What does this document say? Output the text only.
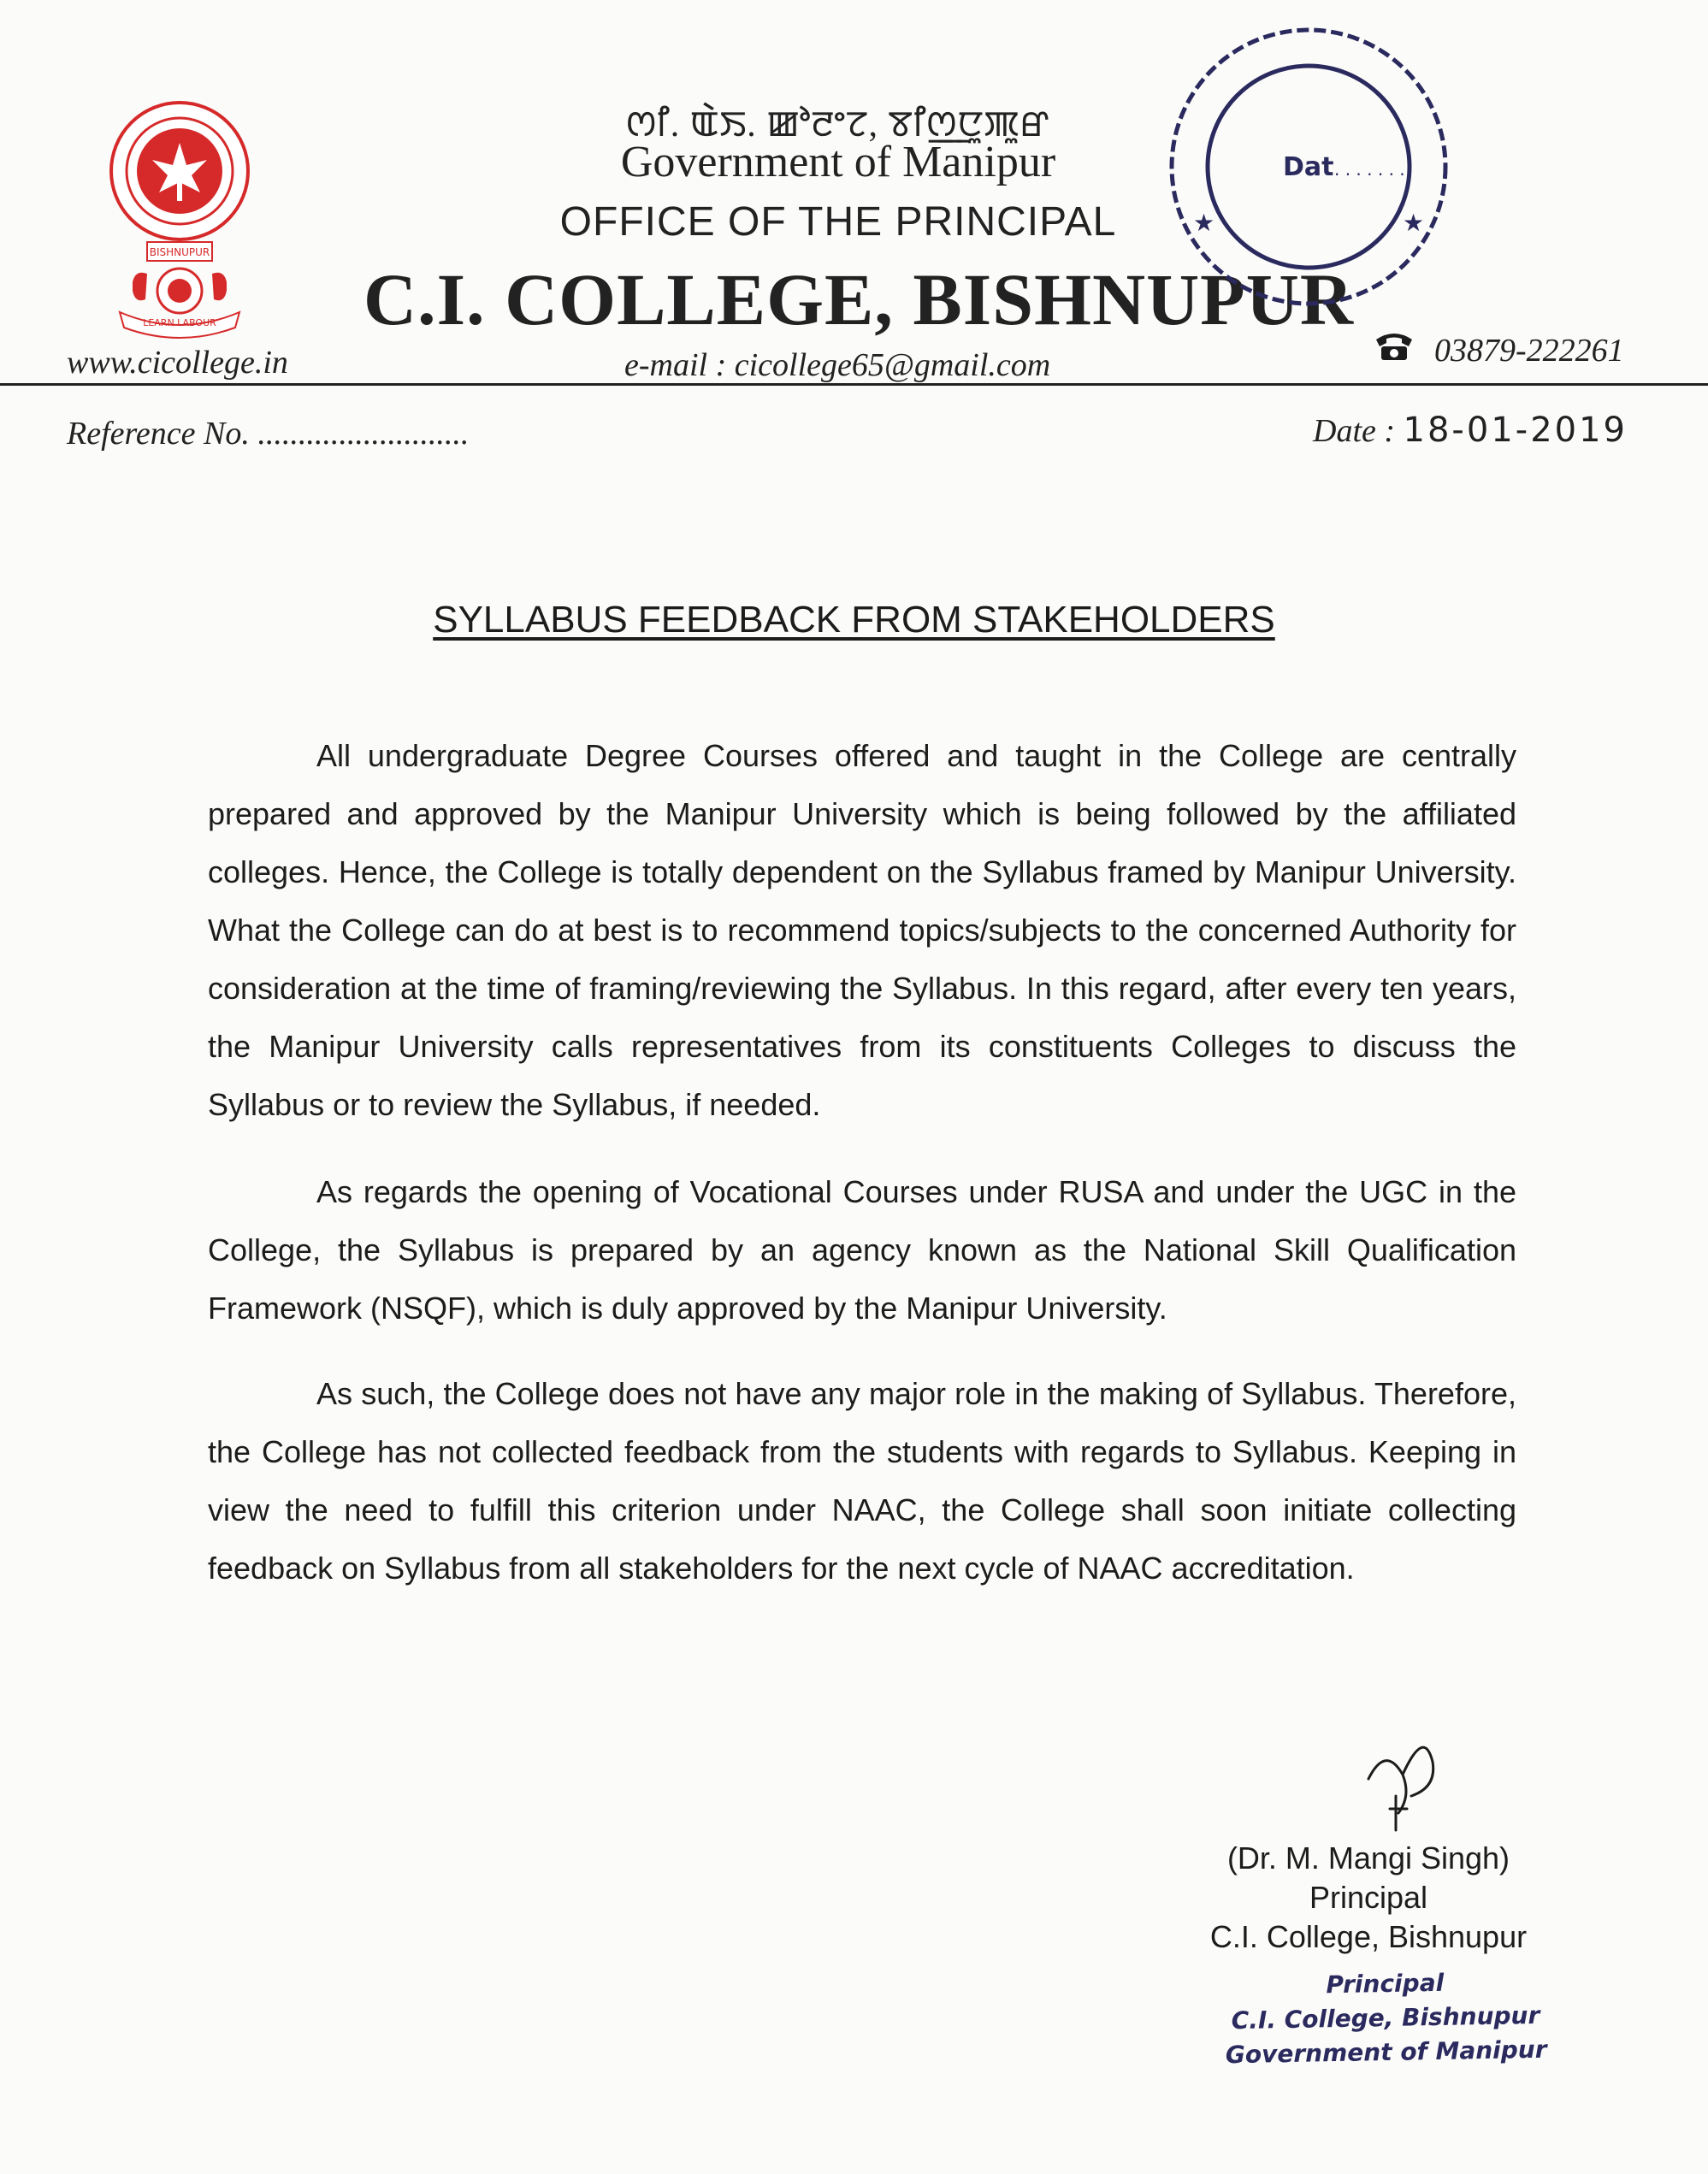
BISHNUPUR
LEARN LABOUR
ꯁꯤ. ꯑꯥꯏ. ꯀꯣꯂꯦꯖ, ꯕꯤꯁ꯭ꯅꯨꯄꯨꯔ
Government of Manipur
OFFICE OF THE PRINCIPAL
C.I. COLLEGE, BISHNUPUR
Dat . . . . . . .
★	★
www.cicollege.in	e-mail : cicollege65@gmail.com	03879-222261
Reference No. ..........................	Date : 18-01-2019
SYLLABUS FEEDBACK FROM STAKEHOLDERS

All undergraduate Degree Courses offered and taught in the College are centrally prepared and approved by the Manipur University which is being followed by the affiliated colleges. Hence, the College is totally dependent on the Syllabus framed by Manipur University. What the College can do at best is to recommend topics/subjects to the concerned Authority for consideration at the time of framing/reviewing the Syllabus. In this regard, after every ten years, the Manipur University calls representatives from its constituents Colleges to discuss the Syllabus or to review the Syllabus, if needed.

As regards the opening of Vocational Courses under RUSA and under the UGC in the College, the Syllabus is prepared by an agency known as the National Skill Qualification Framework (NSQF), which is duly approved by the Manipur University.

As such, the College does not have any major role in the making of Syllabus. Therefore, the College has not collected feedback from the students with regards to Syllabus. Keeping in view the need to fulfill this criterion under NAAC, the College shall soon initiate collecting feedback on Syllabus from all stakeholders for the next cycle of NAAC accreditation.

(Dr. M. Mangi Singh)
Principal
C.I. College, Bishnupur
Principal
C.I. College, Bishnupur
Government of Manipur
